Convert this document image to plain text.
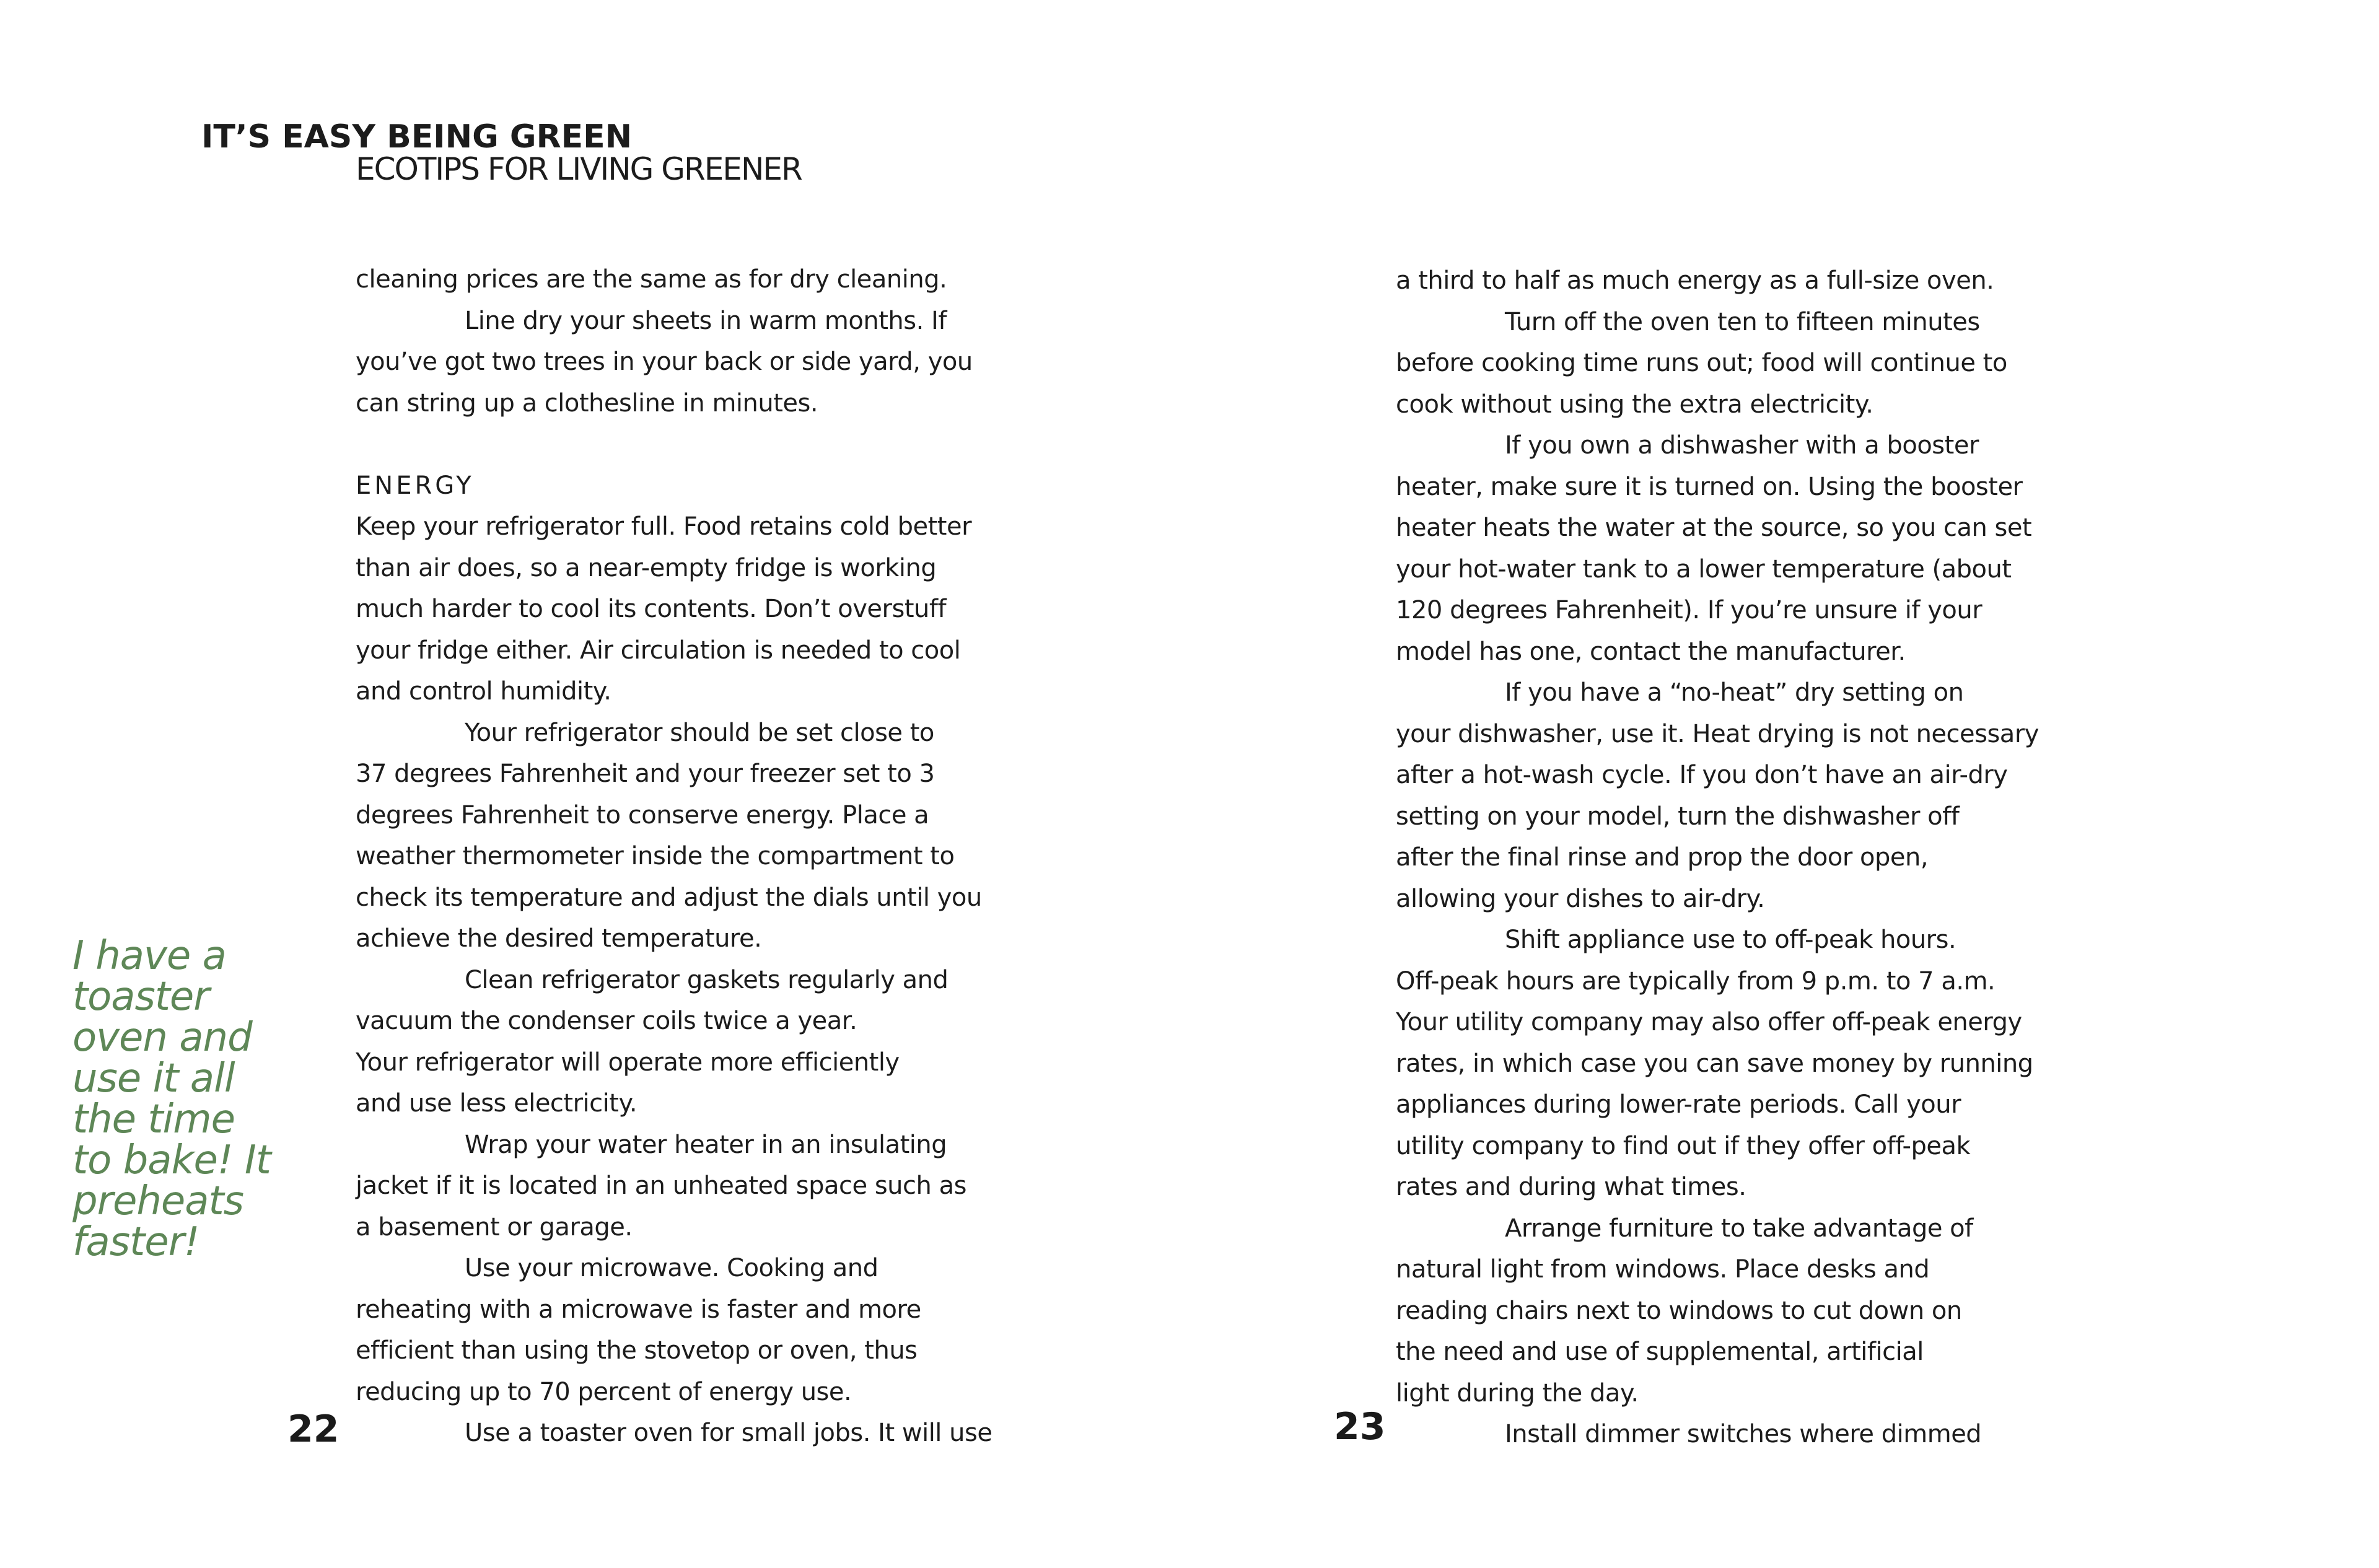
IT’S EASY BEING GREEN
ECOTIPS FOR LIVING GREENER
cleaning prices are the same as for dry cleaning.
Line dry your sheets in warm months. If
you’ve got two trees in your back or side yard, you
can string up a clothesline in minutes.
ENERGY
Keep your refrigerator full. Food retains cold better
than air does, so a near-empty fridge is working
much harder to cool its contents. Don’t overstuff
your fridge either. Air circulation is needed to cool
and control humidity.
Your refrigerator should be set close to
37 degrees Fahrenheit and your freezer set to 3
degrees Fahrenheit to conserve energy. Place a
weather thermometer inside the compartment to
check its temperature and adjust the dials until you
achieve the desired temperature.
Clean refrigerator gaskets regularly and
vacuum the condenser coils twice a year.
Your refrigerator will operate more efficiently
and use less electricity.
Wrap your water heater in an insulating
jacket if it is located in an unheated space such as
a basement or garage.
Use your microwave. Cooking and
reheating with a microwave is faster and more
efficient than using the stovetop or oven, thus
reducing up to 70 percent of energy use.
Use a toaster oven for small jobs. It will use
I have a
toaster
oven and
use it all
the time
to bake! It
preheats
faster!
22
a third to half as much energy as a full-size oven.
Turn off the oven ten to fifteen minutes
before cooking time runs out; food will continue to
cook without using the extra electricity.
If you own a dishwasher with a booster
heater, make sure it is turned on. Using the booster
heater heats the water at the source, so you can set
your hot-water tank to a lower temperature (about
120 degrees Fahrenheit). If you’re unsure if your
model has one, contact the manufacturer.
If you have a “no-heat” dry setting on
your dishwasher, use it. Heat drying is not necessary
after a hot-wash cycle. If you don’t have an air-dry
setting on your model, turn the dishwasher off
after the final rinse and prop the door open,
allowing your dishes to air-dry.
Shift appliance use to off-peak hours.
Off-peak hours are typically from 9 p.m. to 7 a.m.
Your utility company may also offer off-peak energy
rates, in which case you can save money by running
appliances during lower-rate periods. Call your
utility company to find out if they offer off-peak
rates and during what times.
Arrange furniture to take advantage of
natural light from windows. Place desks and
reading chairs next to windows to cut down on
the need and use of supplemental, artificial
light during the day.
Install dimmer switches where dimmed
23
